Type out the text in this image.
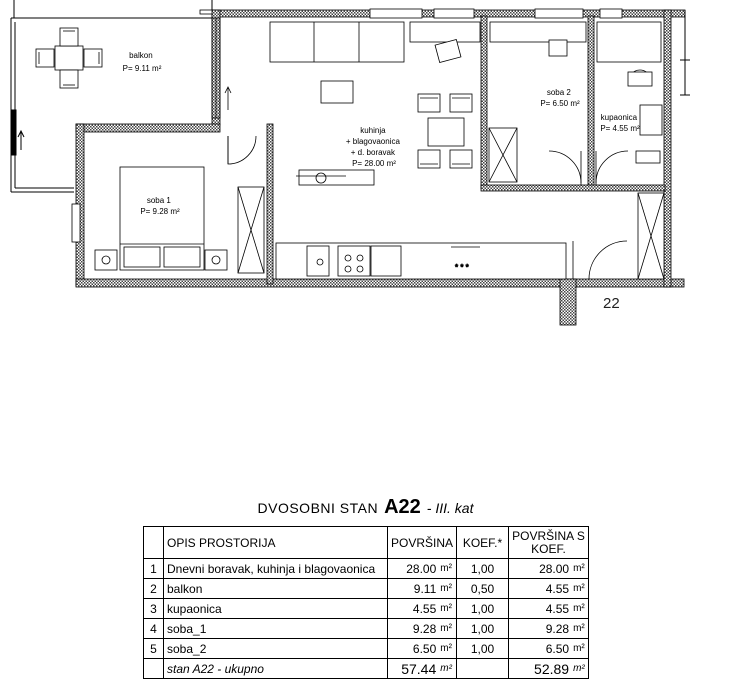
* * *
balkon P= 9.11 m²
kuhinja + blagovaonica + d. boravak P= 28.00 m²
soba 2 P= 6.50 m²
kupaonica P= 4.55 m²
soba 1 P= 9.28 m²
22
DVOSOBNI STAN A22 - III. kat
	OPIS PROSTORIJA	POVRŠINA		KOEF.*	POVRŠINA S KOEF.	
1	Dnevni boravak, kuhinja i blagovaonica	28.00	m²	1,00	28.00	m²
2	balkon	9.11	m²	0,50	4.55	m²
3	kupaonica	4.55	m²	1,00	4.55	m²
4	soba_1	9.28	m²	1,00	9.28	m²
5	soba_2	6.50	m²	1,00	6.50	m²
	stan A22 - ukupno	57.44	m²		52.89	m²
